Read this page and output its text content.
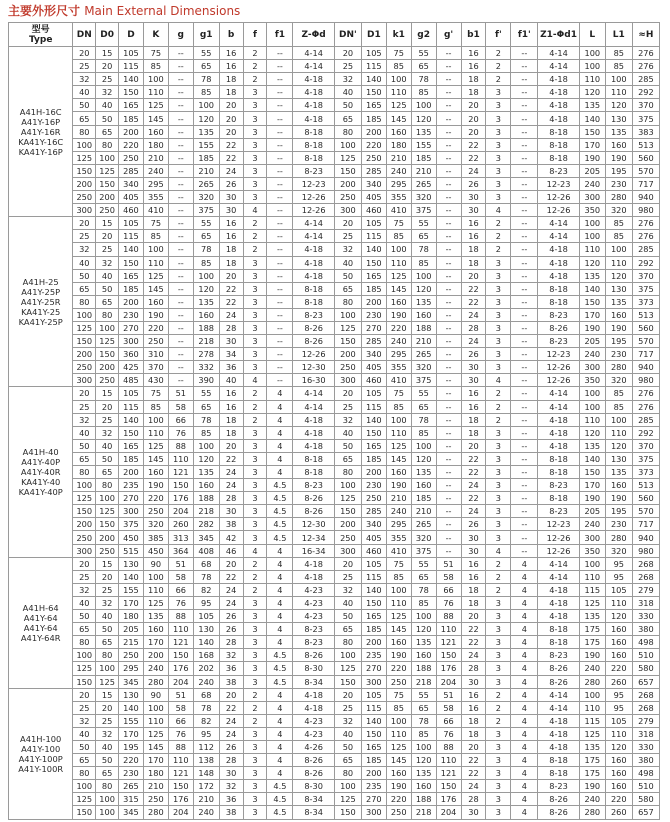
主要外形尺寸 Main External Dimensions
型号
Type	DN	D0	D	K	g	g1	b	f	f1	Z-Φd	DN'	D1	k1	g2	g'	b1	f'	f1'	Z1-Φd1	L	L1	≈H

A41H-16C
A41Y-16P
A41Y-16R
KA41Y-16C
KA41Y-16P	20	15	105	75	--	55	16	2	--	4-14	20	105	75	55	--	16	2	--	4-14	100	85	276
	25	20	115	85	--	65	16	2	--	4-14	25	115	85	65	--	16	2	--	4-14	100	85	276
	32	25	140	100	--	78	18	2	--	4-18	32	140	100	78	--	18	2	--	4-18	110	100	285
	40	32	150	110	--	85	18	3	--	4-18	40	150	110	85	--	18	3	--	4-18	120	110	292
	50	40	165	125	--	100	20	3	--	4-18	50	165	125	100	--	20	3	--	4-18	135	120	370
	65	50	185	145	--	120	20	3	--	4-18	65	185	145	120	--	20	3	--	4-18	140	130	375
	80	65	200	160	--	135	20	3	--	8-18	80	200	160	135	--	20	3	--	8-18	150	135	383
	100	80	220	180	--	155	22	3	--	8-18	100	220	180	155	--	22	3	--	8-18	170	160	513
	125	100	250	210	--	185	22	3	--	8-18	125	250	210	185	--	22	3	--	8-18	190	190	560
	150	125	285	240	--	210	24	3	--	8-23	150	285	240	210	--	24	3	--	8-23	205	195	570
	200	150	340	295	--	265	26	3	--	12-23	200	340	295	265	--	26	3	--	12-23	240	230	717
	250	200	405	355	--	320	30	3	--	12-26	250	405	355	320	--	30	3	--	12-26	300	280	940
	300	250	460	410	--	375	30	4	--	12-26	300	460	410	375	--	30	4	--	12-26	350	320	980

A41H-25
A41Y-25P
A41Y-25R
KA41Y-25
KA41Y-25P	20	15	105	75	--	55	16	2	--	4-14	20	105	75	55	--	16	2	--	4-14	100	85	276
	25	20	115	85	--	65	16	2	--	4-14	25	115	85	65	--	16	2	--	4-14	100	85	276
	32	25	140	100	--	78	18	2	--	4-18	32	140	100	78	--	18	2	--	4-18	110	100	285
	40	32	150	110	--	85	18	3	--	4-18	40	150	110	85	--	18	3	--	4-18	120	110	292
	50	40	165	125	--	100	20	3	--	4-18	50	165	125	100	--	20	3	--	4-18	135	120	370
	65	50	185	145	--	120	22	3	--	8-18	65	185	145	120	--	22	3	--	8-18	140	130	375
	80	65	200	160	--	135	22	3	--	8-18	80	200	160	135	--	22	3	--	8-18	150	135	373
	100	80	230	190	--	160	24	3	--	8-23	100	230	190	160	--	24	3	--	8-23	170	160	513
	125	100	270	220	--	188	28	3	--	8-26	125	270	220	188	--	28	3	--	8-26	190	190	560
	150	125	300	250	--	218	30	3	--	8-26	150	285	240	210	--	24	3	--	8-23	205	195	570
	200	150	360	310	--	278	34	3	--	12-26	200	340	295	265	--	26	3	--	12-23	240	230	717
	250	200	425	370	--	332	36	3	--	12-30	250	405	355	320	--	30	3	--	12-26	300	280	940
	300	250	485	430	--	390	40	4	--	16-30	300	460	410	375	--	30	4	--	12-26	350	320	980

A41H-40
A41Y-40P
A41Y-40R
KA41Y-40
KA41Y-40P	20	15	105	75	51	55	16	2	4	4-14	20	105	75	55	--	16	2	--	4-14	100	85	276
	25	20	115	85	58	65	16	2	4	4-14	25	115	85	65	--	16	2	--	4-14	100	85	276
	32	25	140	100	66	78	18	2	4	4-18	32	140	100	78	--	18	2	--	4-18	110	100	285
	40	32	150	110	76	85	18	3	4	4-18	40	150	110	85	--	18	3	--	4-18	120	110	292
	50	40	165	125	88	100	20	3	4	4-18	50	165	125	100	--	20	3	--	4-18	135	120	370
	65	50	185	145	110	120	22	3	4	8-18	65	185	145	120	--	22	3	--	8-18	140	130	375
	80	65	200	160	121	135	24	3	4	8-18	80	200	160	135	--	22	3	--	8-18	150	135	373
	100	80	235	190	150	160	24	3	4.5	8-23	100	230	190	160	--	24	3	--	8-23	170	160	513
	125	100	270	220	176	188	28	3	4.5	8-26	125	250	210	185	--	22	3	--	8-18	190	190	560
	150	125	300	250	204	218	30	3	4.5	8-26	150	285	240	210	--	24	3	--	8-23	205	195	570
	200	150	375	320	260	282	38	3	4.5	12-30	200	340	295	265	--	26	3	--	12-23	240	230	717
	250	200	450	385	313	345	42	3	4.5	12-34	250	405	355	320	--	30	3	--	12-26	300	280	940
	300	250	515	450	364	408	46	4	4	16-34	300	460	410	375	--	30	4	--	12-26	350	320	980

A41H-64
A41Y-64
A41Y-64
A41Y-64R	20	15	130	90	51	68	20	2	4	4-18	20	105	75	55	51	16	2	4	4-14	100	95	268
	25	20	140	100	58	78	22	2	4	4-18	25	115	85	65	58	16	2	4	4-14	110	95	268
	32	25	155	110	66	82	24	2	4	4-23	32	140	100	78	66	18	2	4	4-18	115	105	279
	40	32	170	125	76	95	24	3	4	4-23	40	150	110	85	76	18	3	4	4-18	125	110	318
	50	40	180	135	88	105	26	3	4	4-23	50	165	125	100	88	20	3	4	4-18	135	120	330
	65	50	205	160	110	130	26	3	4	8-23	65	185	145	120	110	22	3	4	8-18	175	160	380
	80	65	215	170	121	140	28	3	4	8-23	80	200	160	135	121	22	3	4	8-18	175	160	498
	100	80	250	200	150	168	32	3	4.5	8-26	100	235	190	160	150	24	3	4	8-23	190	160	510
	125	100	295	240	176	202	36	3	4.5	8-30	125	270	220	188	176	28	3	4	8-26	240	220	580
	150	125	345	280	204	240	38	3	4.5	8-34	150	300	250	218	204	30	3	4	8-26	280	260	657

A41H-100
A41Y-100
A41Y-100P
A41Y-100R	20	15	130	90	51	68	20	2	4	4-18	20	105	75	55	51	16	2	4	4-14	100	95	268
	25	20	140	100	58	78	22	2	4	4-18	25	115	85	65	58	16	2	4	4-14	110	95	268
	32	25	155	110	66	82	24	2	4	4-23	32	140	100	78	66	18	2	4	4-18	115	105	279
	40	32	170	125	76	95	24	3	4	4-23	40	150	110	85	76	18	3	4	4-18	125	110	318
	50	40	195	145	88	112	26	3	4	4-26	50	165	125	100	88	20	3	4	4-18	135	120	330
	65	50	220	170	110	138	28	3	4	8-26	65	185	145	120	110	22	3	4	8-18	175	160	380
	80	65	230	180	121	148	30	3	4	8-26	80	200	160	135	121	22	3	4	8-18	175	160	498
	100	80	265	210	150	172	32	3	4.5	8-30	100	235	190	160	150	24	3	4	8-23	190	160	510
	125	100	315	250	176	210	36	3	4.5	8-34	125	270	220	188	176	28	3	4	8-26	240	220	580
	150	100	345	280	204	240	38	3	4.5	8-34	150	300	250	218	204	30	3	4	8-26	280	260	657
